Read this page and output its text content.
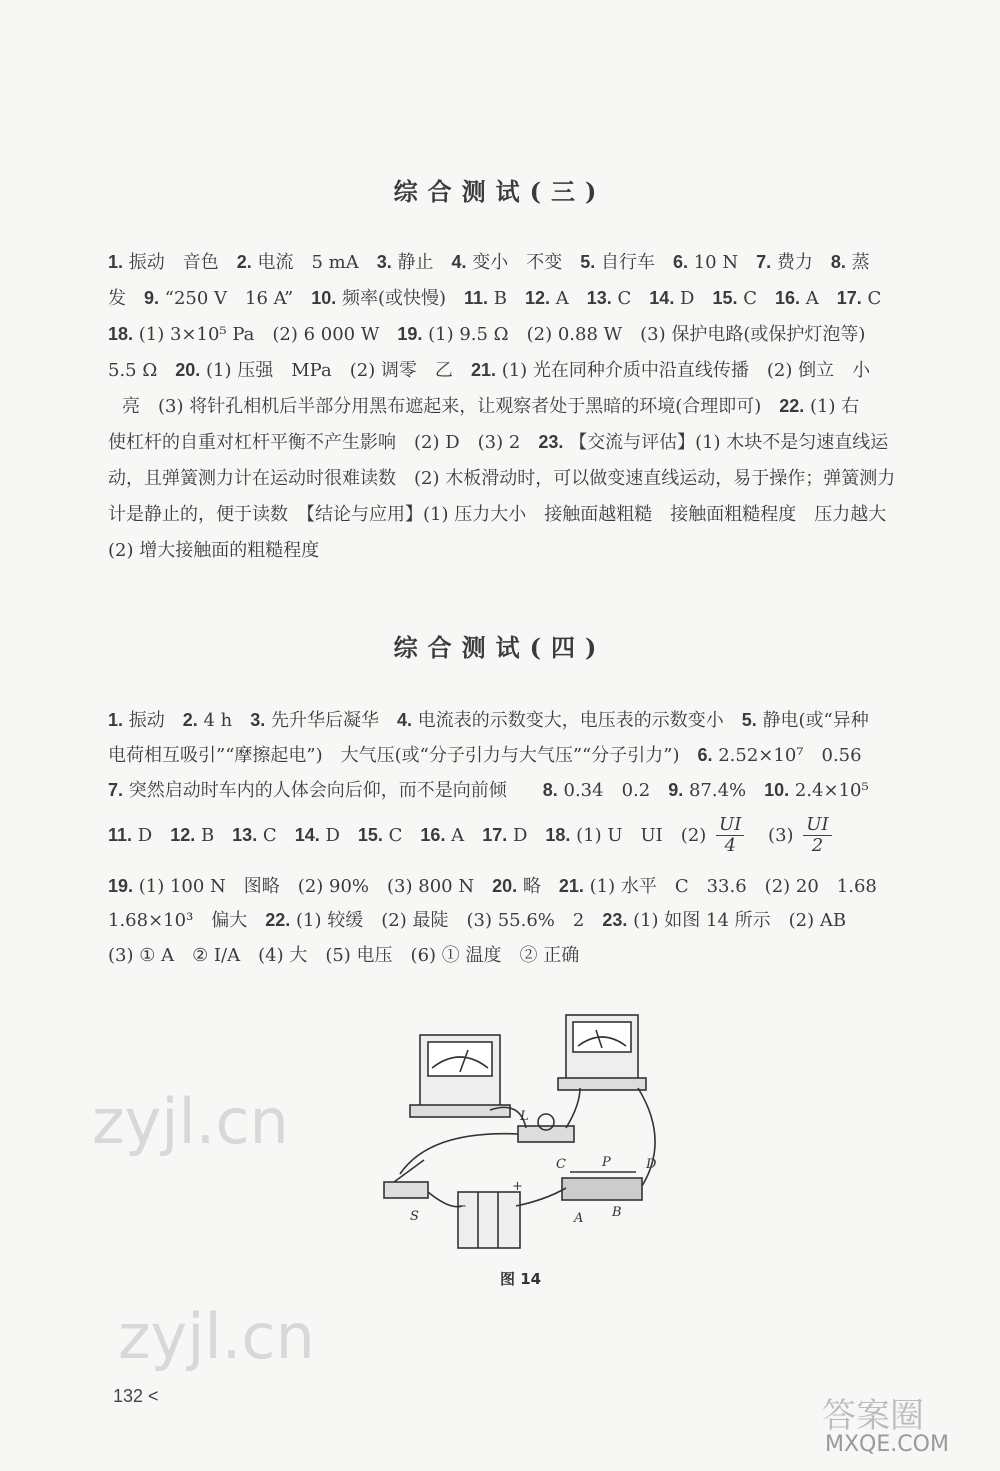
综合测试(三)
1. 振动　音色　2. 电流　5 mA　3. 静止　4. 变小　不变　5. 自行车　6. 10 N　7. 费力　8. 蒸
发　9. “250 V　16 A”　10. 频率(或快慢)　11. B　12. A　13. C　14. D　15. C　16. A　17. C
18. (1) 3×10⁵ Pa　(2) 6 000 W　19. (1) 9.5 Ω　(2) 0.88 W　(3) 保护电路(或保护灯泡等)
5.5 Ω　20. (1) 压强　MPa　(2) 调零　乙　21. (1) 光在同种介质中沿直线传播　(2) 倒立　小
　亮　(3) 将针孔相机后半部分用黑布遮起来，让观察者处于黑暗的环境(合理即可)　22. (1) 右
使杠杆的自重对杠杆平衡不产生影响　(2) D　(3) 2　23. 【交流与评估】(1) 木块不是匀速直线运
动，且弹簧测力计在运动时很难读数　(2) 木板滑动时，可以做变速直线运动，易于操作；弹簧测力
计是静止的，便于读数　【结论与应用】(1) 压力大小　接触面越粗糙　接触面粗糙程度　压力越大
(2) 增大接触面的粗糙程度
综合测试(四)
1. 振动　2. 4 h　3. 先升华后凝华　4. 电流表的示数变大，电压表的示数变小　5. 静电(或“异种
电荷相互吸引”“摩擦起电”)　大气压(或“分子引力与大气压”“分子引力”)　6. 2.52×10⁷　0.56
7. 突然启动时车内的人体会向后仰，而不是向前倾　　8. 0.34　0.2　9. 87.4%　10. 2.4×10⁵
11. D　12. B　13. C　14. D　15. C　16. A　17. D　18. (1) U　UI　$(2) \frac{UI}{4} (3) \frac{UI}{2}$
19. (1) 100 N　图略　(2) 90%　(3) 800 N　20. 略　21. (1) 水平　C　33.6　(2) 20　1.68
1.68×10³　偏大　22. (1) 较缓　(2) 最陡　(3) 55.6%　2　23. (1) 如图 14 所示　(2) AB
(3) ① A　② I/A　(4) 大　(5) 电压　(6) ① 温度　② 正确
L
S
C	P	D
A B
−
+
图 14
zyjl.cn
zyjl.cn
答案圈
MXQE.COM
132 <
